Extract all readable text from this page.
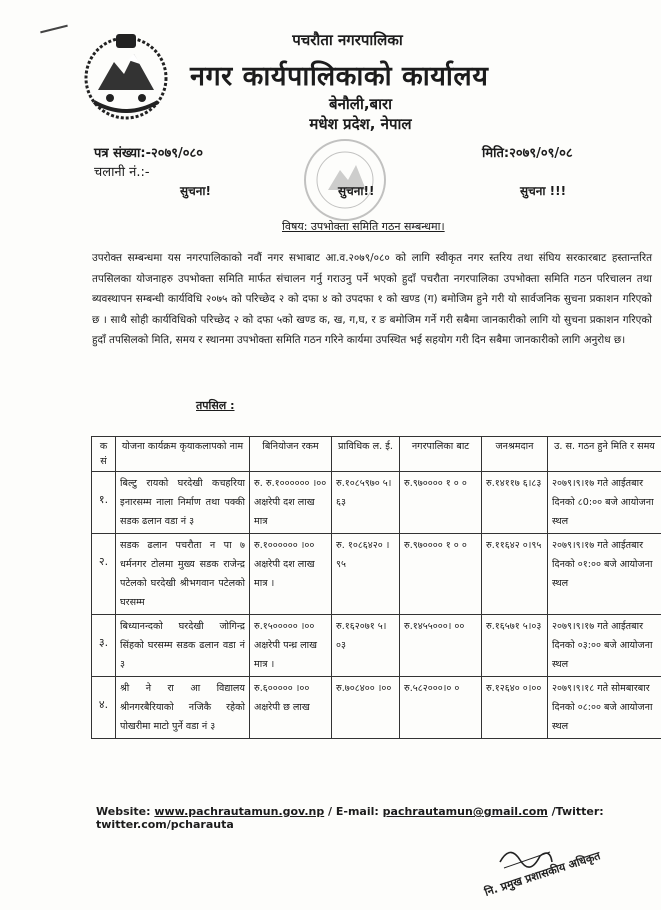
पचरौता नगरपालिका
नगर कार्यपालिकाको कार्यालय
बेनौली,बारा
मधेश प्रदेश, नेपाल
पत्र संख्या:-२०७९/०८०
चलानी नं.:-
मिति:२०७९/०९/०८
सुचना!	सुचना!!	सुचना !!!
विषय: उपभोक्ता समिति गठन सम्बन्धमा।
उपरोक्त सम्बन्धमा यस नगरपालिकाको नवौं नगर सभाबाट आ.व.२०७९/०८० को लागि स्वीकृत नगर स्तरिय तथा संघिय सरकारबाट हस्तान्तरित तपसिलका योजनाहरु उपभोक्ता समिति मार्फत संचालन गर्नु गराउनु पर्ने भएको हुदाँ पचरौता नगरपालिका उपभोक्ता समिति गठन परिचालन तथा ब्यवस्थापन सम्बन्धी कार्यविधि २०७५ को परिच्छेद २ को दफा ४ को उपदफा १ को खण्ड (ग) बमोजिम हुने गरी यो सार्वजनिक सुचना प्रकाशन गरिएको छ । साथै सोही कार्यविधिको परिच्छेद २ को दफा ५को खण्ड क, ख, ग,घ, र ङ बमोजिम गर्ने गरी सबैमा जानकारीको लागि यो सुचना प्रकाशन गरिएको हुदाँ तपसिलको मिति, समय र स्थानमा उपभोक्ता समिति गठन गरिने कार्यमा उपस्थित भई सहयोग गरी दिन सबैमा जानकारीको लागि अनुरोध छ।
तपसिल :
क सं	योजना कार्यक्रम कृयाकलापको नाम	बिनियोजन रकम	प्राविधिक ल. ई.	नगरपालिका बाट	जनश्रमदान	उ. स. गठन हुने मिति र समय
१.	बिल्टु रायको घरदेखी कचहरिया इनारसम्म नाला निर्माण तथा पक्की सडक ढलान वडा नं ३	रु. रु.१०००००० ।०० अक्षरेपी दश लाख मात्र	रु.१०८५९७० ५।६३	रु.९७०००० १ ० ०	रु.१४११७ ६।८३	२०७९।९।१७ गते आईतबार दिनको ८0:०० बजे आयोजना स्थल
२.	सडक ढलान पचरौता न पा ७ धर्मनगर टोलमा मुख्य सडक राजेन्द्र पटेलको घरदेखी श्रीभगवान पटेलको घरसम्म	रु.१०००००० ।०० अक्षरेपी दश लाख मात्र ।	रु. १०८६४२० ।९५	रु.९७०००० १ ० ०	रु.११६४२ ०।९५	२०७९।९।१७ गते आईतबार दिनको ०१:०० बजे आयोजना स्थल
३.	बिध्यानन्दको घरदेखी जोगिन्द्र सिंहको घरसम्म सडक ढलान वडा नं ३	रु.१५००००० ।०० अक्षरेपी पन्ध्र लाख मात्र ।	रु.१६२०७१ ५।०३	रु.१४५५०००। ००	रु.१६५७१ ५।०३	२०७९।९।१७ गते आईतबार दिनको ०३:०० बजे आयोजना स्थल
४.	श्री ने रा आ विद्यालय श्रीनगरबैरियाको नजिकै रहेको पोखरीमा माटो पुर्ने वडा नं ३	रु.६००००० ।०० अक्षरेपी छ लाख	रु.७०८४०० ।००	रु.५८२०००।० ०	रु.१२६४० ०।००	२०७९।९।१८ गते सोमबारबार दिनको ०८:०० बजे आयोजना स्थल
Website: www.pachrautamun.gov.np / E-mail: pachrautamun@gmail.com /Twitter: twitter.com/pcharauta
नि. प्रमुख प्रशासकीय अधिकृत
